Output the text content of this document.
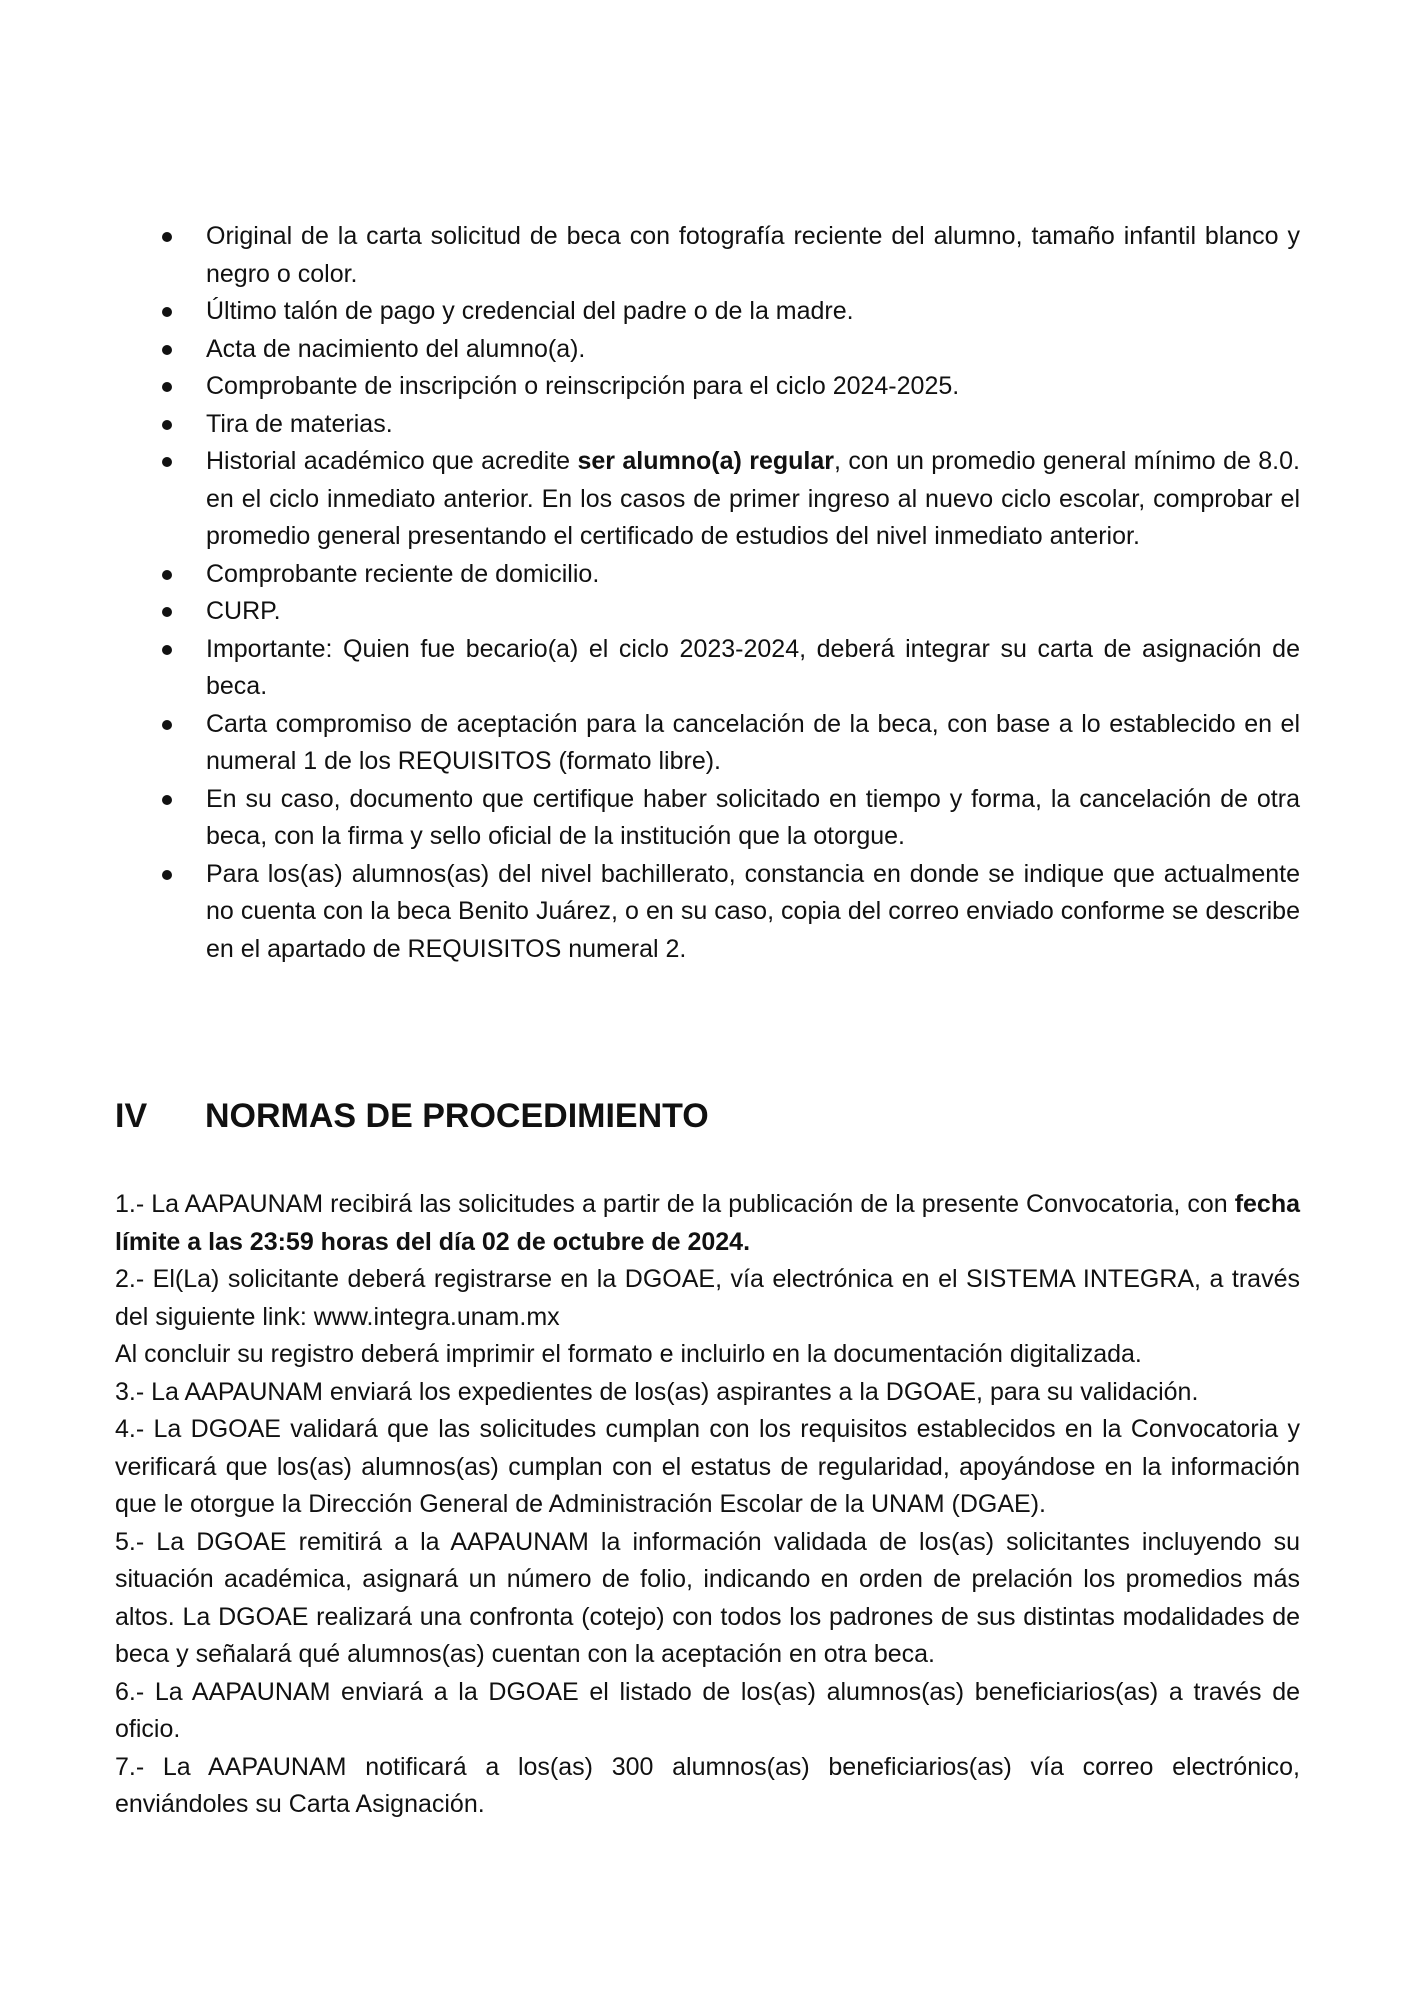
Original de la carta solicitud de beca con fotografía reciente del alumno, tamaño infantil blanco y negro o color.
Último talón de pago y credencial del padre o de la madre.
Acta de nacimiento del alumno(a).
Comprobante de inscripción o reinscripción para el ciclo 2024-2025.
Tira de materias.
Historial académico que acredite ser alumno(a) regular, con un promedio general mínimo de 8.0. en el ciclo inmediato anterior. En los casos de primer ingreso al nuevo ciclo escolar, comprobar el promedio general presentando el certificado de estudios del nivel inmediato anterior.
Comprobante reciente de domicilio.
CURP.
Importante: Quien fue becario(a) el ciclo 2023-2024, deberá integrar su carta de asignación de beca.
Carta compromiso de aceptación para la cancelación de la beca, con base a lo establecido en el numeral 1 de los REQUISITOS (formato libre).
En su caso, documento que certifique haber solicitado en tiempo y forma, la cancelación de otra beca, con la firma y sello oficial de la institución que la otorgue.
Para los(as) alumnos(as) del nivel bachillerato, constancia en donde se indique que actualmente no cuenta con la beca Benito Juárez, o en su caso, copia del correo enviado conforme se describe en el apartado de REQUISITOS numeral 2.
IV NORMAS DE PROCEDIMIENTO

1.- La AAPAUNAM recibirá las solicitudes a partir de la publicación de la presente Convocatoria, con fecha límite a las 23:59 horas del día 02 de octubre de 2024.

2.- El(La) solicitante deberá registrarse en la DGOAE, vía electrónica en el SISTEMA INTEGRA, a través del siguiente link: www.integra.unam.mx

Al concluir su registro deberá imprimir el formato e incluirlo en la documentación digitalizada.

3.- La AAPAUNAM enviará los expedientes de los(as) aspirantes a la DGOAE, para su validación.

4.- La DGOAE validará que las solicitudes cumplan con los requisitos establecidos en la Convocatoria y verificará que los(as) alumnos(as) cumplan con el estatus de regularidad, apoyándose en la información que le otorgue la Dirección General de Administración Escolar de la UNAM (DGAE).

5.- La DGOAE remitirá a la AAPAUNAM la información validada de los(as) solicitantes incluyendo su situación académica, asignará un número de folio, indicando en orden de prelación los promedios más altos. La DGOAE realizará una confronta (cotejo) con todos los padrones de sus distintas modalidades de beca y señalará qué alumnos(as) cuentan con la aceptación en otra beca.

6.- La AAPAUNAM enviará a la DGOAE el listado de los(as) alumnos(as) beneficiarios(as) a través de oficio.

7.- La AAPAUNAM notificará a los(as) 300 alumnos(as) beneficiarios(as) vía correo electrónico, enviándoles su Carta Asignación.
